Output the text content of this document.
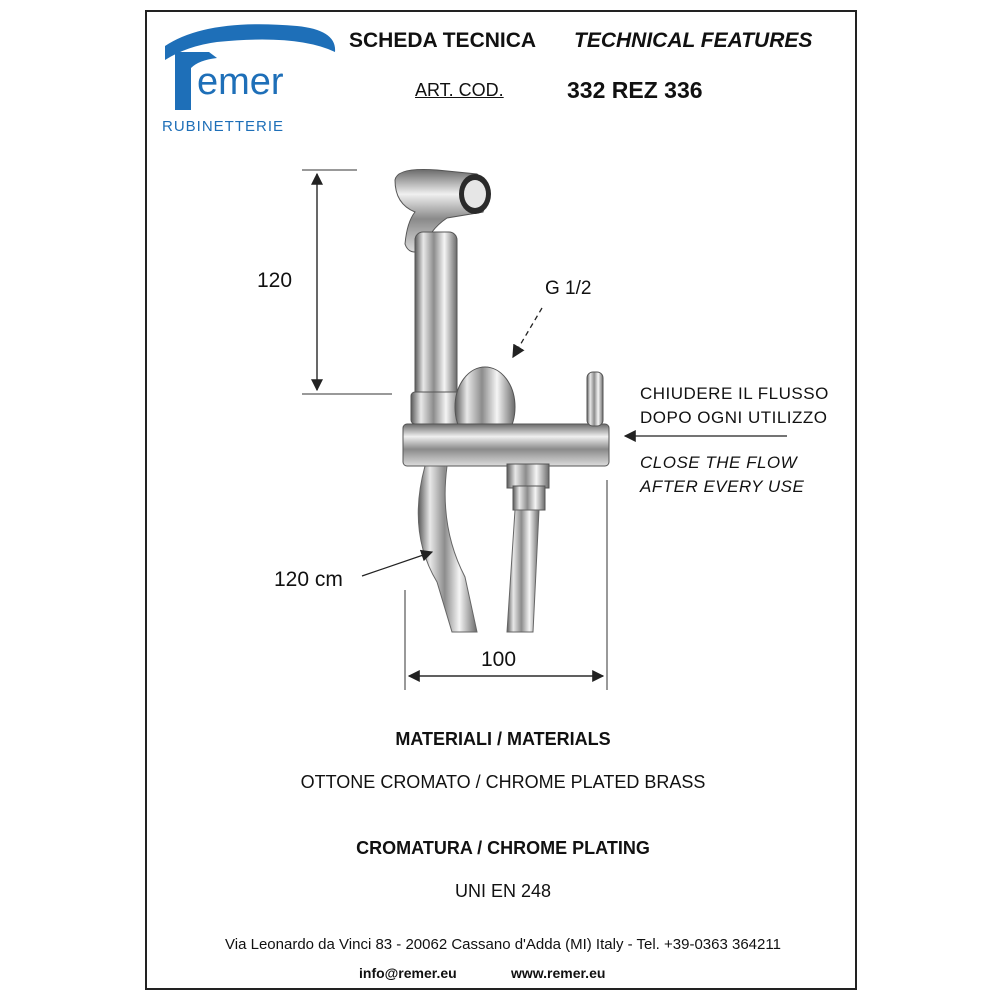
emer
RUBINETTERIE
SCHEDA TECNICA TECHNICAL FEATURES
ART. COD.	332 REZ 336
120	G 1/2
CHIUDERE IL FLUSSO
DOPO OGNI UTILIZZO
CLOSE THE FLOW
AFTER EVERY USE
120 cm
100
MATERIALI / MATERIALS
OTTONE CROMATO / CHROME PLATED BRASS
CROMATURA / CHROME PLATING
UNI EN 248
Via Leonardo da Vinci 83 - 20062 Cassano d'Adda (MI) Italy - Tel. +39-0363 364211
info@remer.eu	www.remer.eu
